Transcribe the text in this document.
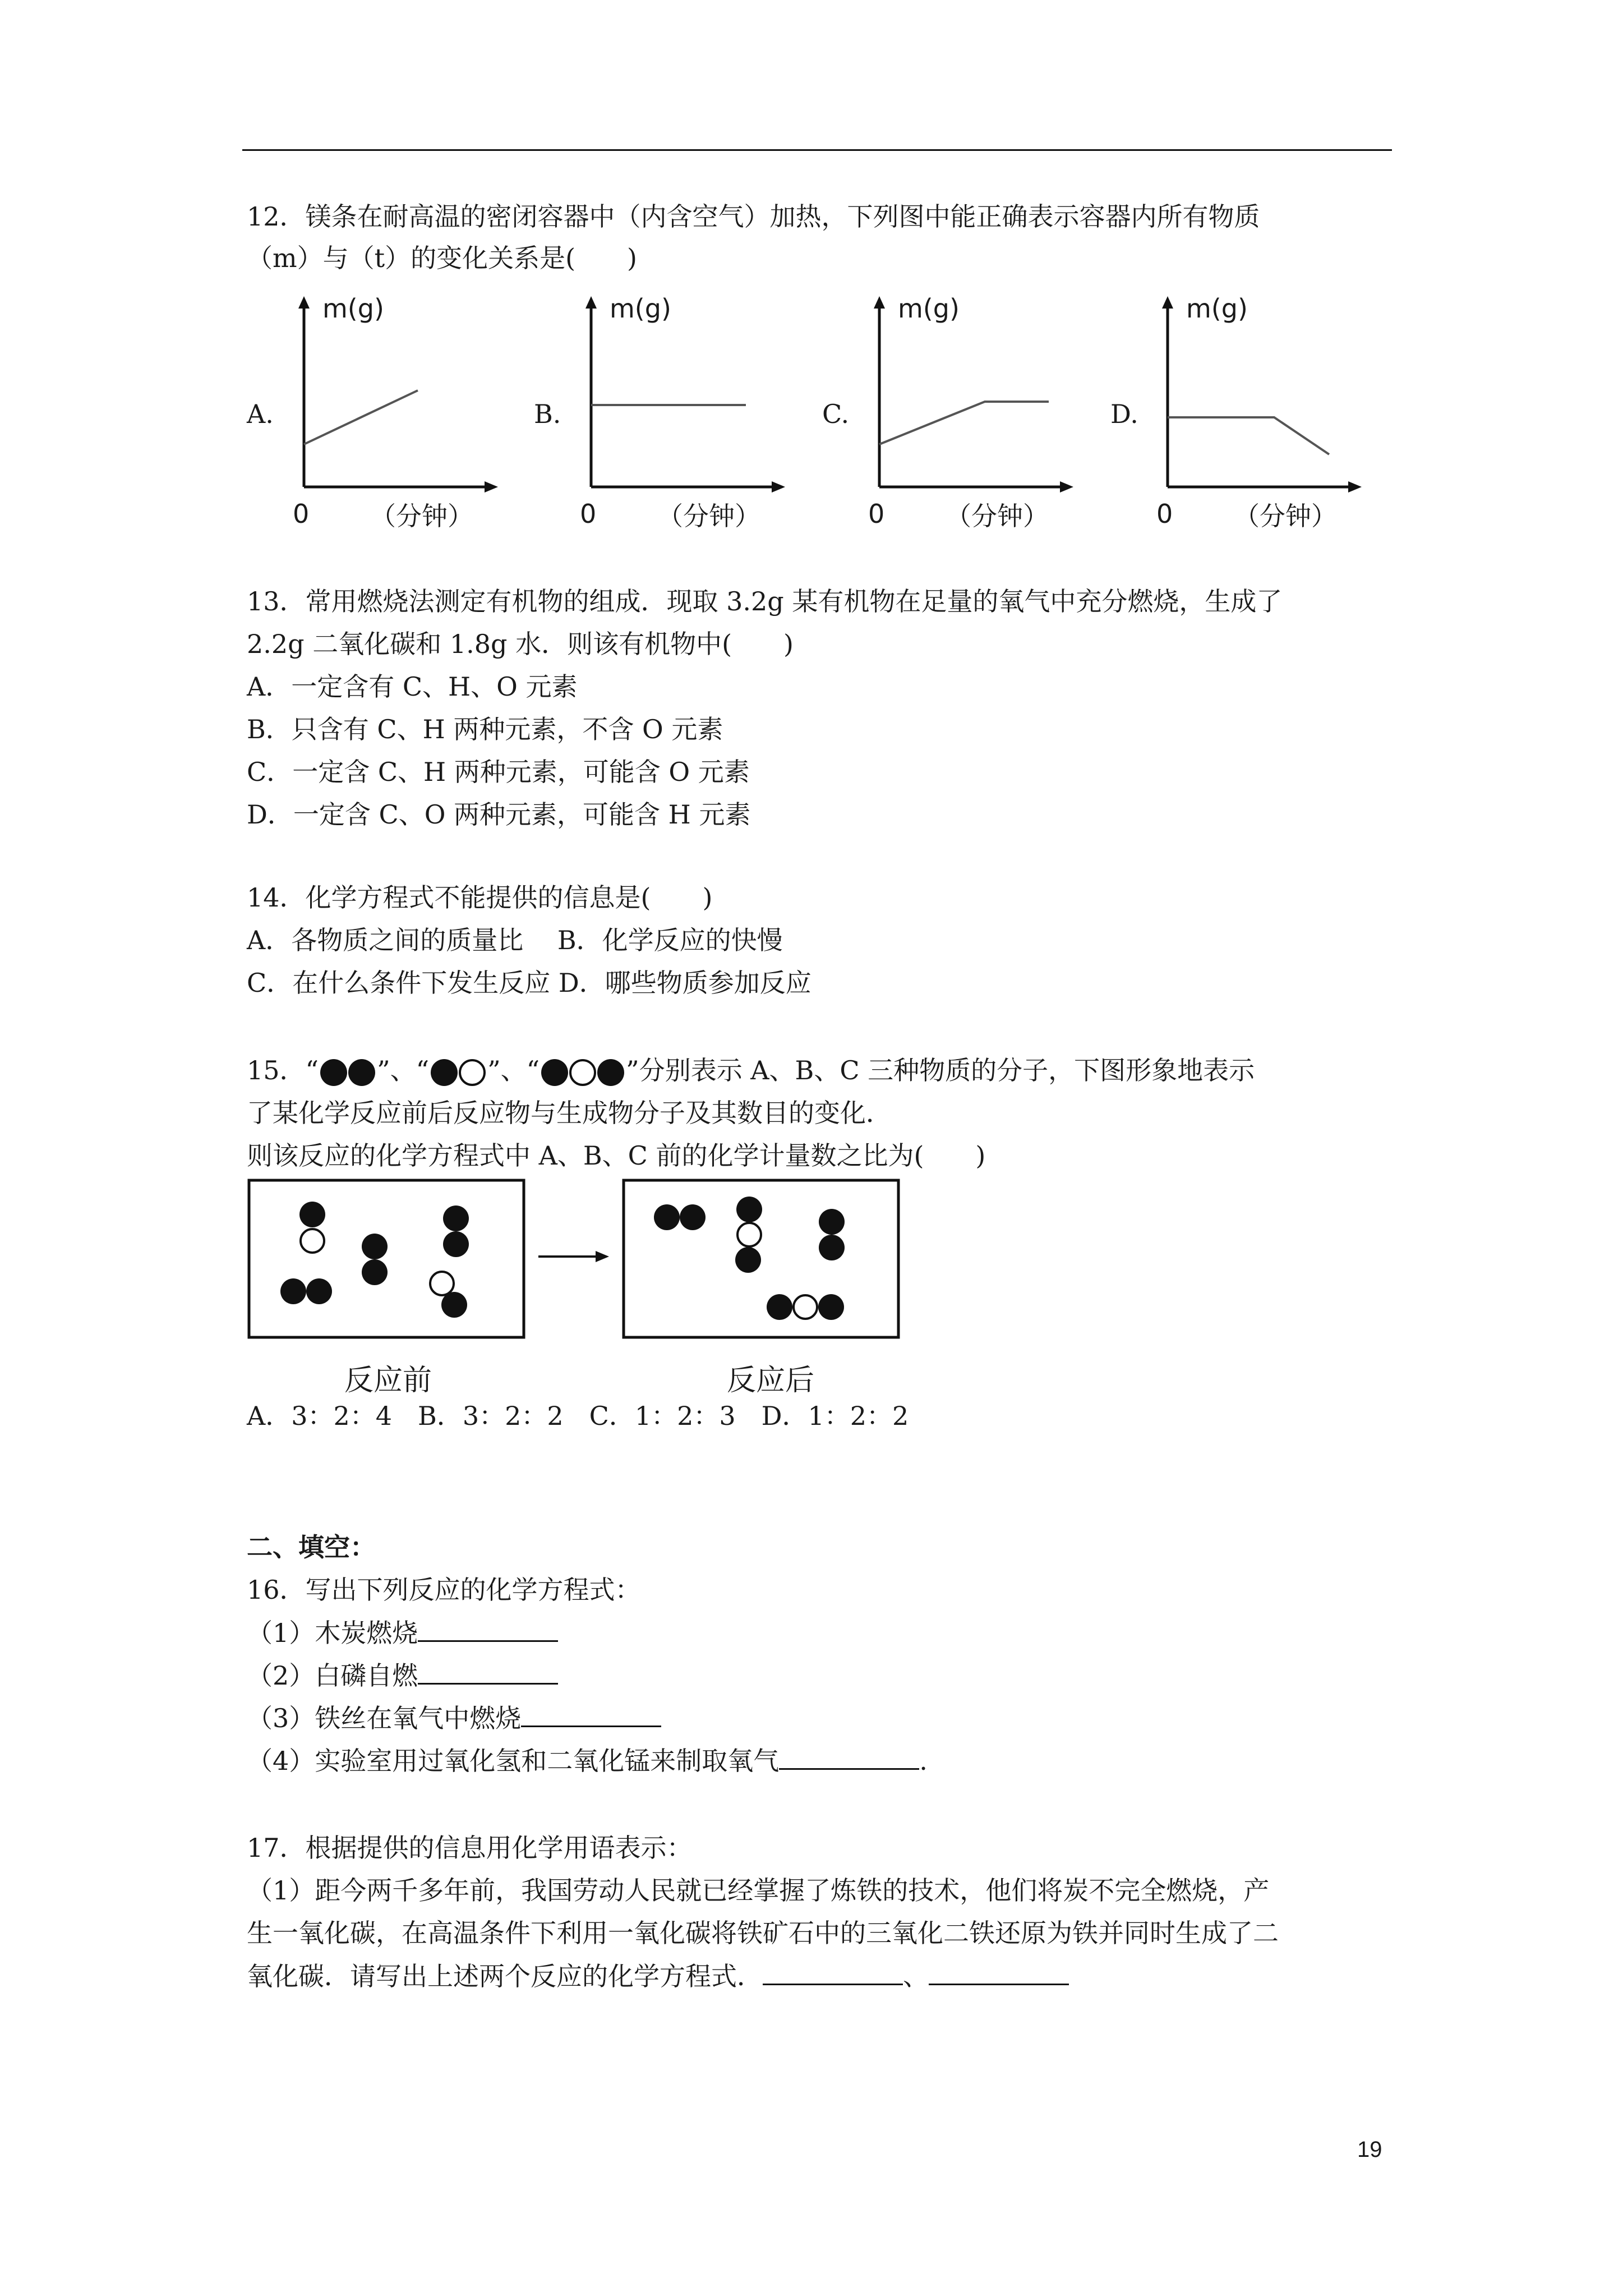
12．镁条在耐高温的密闭容器中（内含空气）加热，下列图中能正确表示容器内所有物质
（m）与（t）的变化关系是(　　)
A.
m(g)
0 （分钟）
B.
m(g)
0 （分钟）
C.
m(g)
0 （分钟）
D.
m(g)
0 （分钟）
13．常用燃烧法测定有机物的组成．现取 3.2g 某有机物在足量的氧气中充分燃烧，生成了
2.2g 二氧化碳和 1.8g 水．则该有机物中(　　)
A．一定含有 C、H、O 元素
B．只含有 C、H 两种元素，不含 O 元素
C．一定含 C、H 两种元素，可能含 O 元素
D．一定含 C、O 两种元素，可能含 H 元素
14．化学方程式不能提供的信息是(　　)
A．各物质之间的质量比　 B．化学反应的快慢
C．在什么条件下发生反应 D．哪些物质参加反应
15．“ ”、“ ”、“	”分别表示 A、B、C 三种物质的分子，下图形象地表示
了某化学反应前后反应物与生成物分子及其数目的变化．
则该反应的化学方程式中 A、B、C 前的化学计量数之比为(　　)
反应前	反应后
A．3：2：4　B．3：2：2　C．1：2：3　D．1：2：2
二、填空：
16．写出下列反应的化学方程式：
（1）木炭燃烧
（2）白磷自燃
（3）铁丝在氧气中燃烧
（4）实验室用过氧化氢和二氧化锰来制取氧气	.
17．根据提供的信息用化学用语表示：
（1）距今两千多年前，我国劳动人民就已经掌握了炼铁的技术，他们将炭不完全燃烧，产
生一氧化碳，在高温条件下利用一氧化碳将铁矿石中的三氧化二铁还原为铁并同时生成了二
氧化碳．请写出上述两个反应的化学方程式．	、
19
